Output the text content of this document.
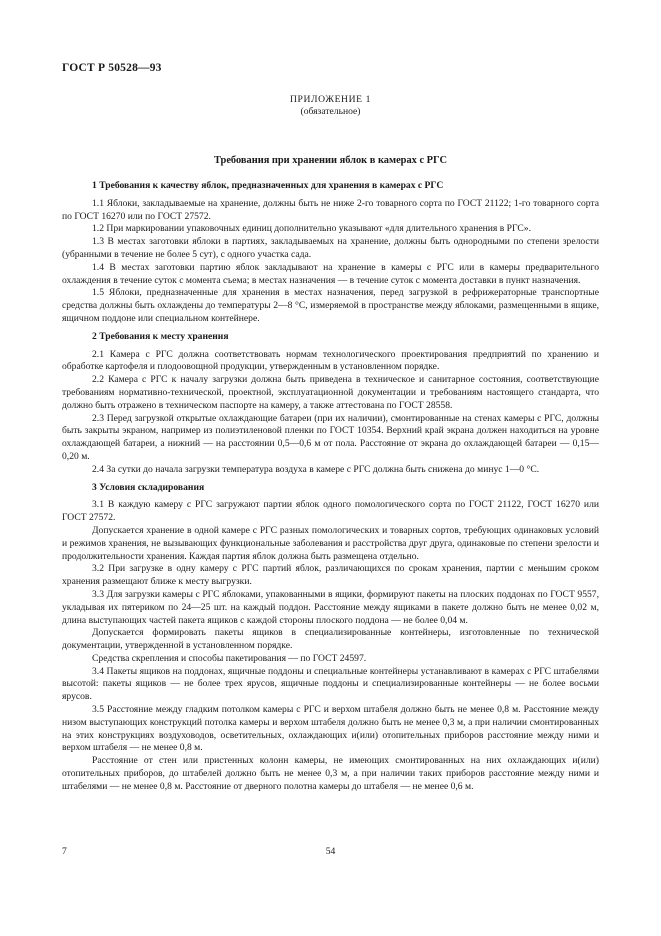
ГОСТ Р 50528—93
ПРИЛОЖЕНИЕ 1
(обязательное)
Требования при хранении яблок в камерах с РГС
1 Требования к качеству яблок, предназначенных для хранения в камерах с РГС

1.1 Яблоки, закладываемые на хранение, должны быть не ниже 2-го товарного сорта по ГОСТ 21122; 1-го товарного сорта по ГОСТ 16270 или по ГОСТ 27572.

1.2 При маркировании упаковочных единиц дополнительно указывают «для длительного хранения в РГС».

1.3 В местах заготовки яблоки в партиях, закладываемых на хранение, должны быть однородными по степени зрелости (убранными в течение не более 5 сут), с одного участка сада.

1.4 В местах заготовки партию яблок закладывают на хранение в камеры с РГС или в камеры предварительного охлаждения в течение суток с момента съема; в местах назначения — в течение суток с момента доставки в пункт назначения.

1.5 Яблоки, предназначенные для хранения в местах назначения, перед загрузкой в рефрижераторные транспортные средства должны быть охлаждены до температуры 2—8 °С, измеряемой в пространстве между яблоками, размещенными в ящике, ящичном поддоне или специальном контейнере.

2 Требования к месту хранения

2.1 Камера с РГС должна соответствовать нормам технологического проектирования предприятий по хранению и обработке картофеля и плодоовощной продукции, утвержденным в установленном порядке.

2.2 Камера с РГС к началу загрузки должна быть приведена в техническое и санитарное состояния, соответствующие требованиям нормативно-технической, проектной, эксплуатационной документации и требованиям настоящего стандарта, что должно быть отражено в техническом паспорте на камеру, а также аттестована по ГОСТ 28558.

2.3 Перед загрузкой открытые охлаждающие батареи (при их наличии), смонтированные на стенах камеры с РГС, должны быть закрыты экраном, например из полиэтиленовой пленки по ГОСТ 10354. Верхний край экрана должен находиться на уровне охлаждающей батареи, а нижний — на расстоянии 0,5—0,6 м от пола. Расстояние от экрана до охлаждающей батареи — 0,15—0,20 м.

2.4 За сутки до начала загрузки температура воздуха в камере с РГС должна быть снижена до минус 1—0 °С.

3 Условия складирования

3.1 В каждую камеру с РГС загружают партии яблок одного помологического сорта по ГОСТ 21122, ГОСТ 16270 или ГОСТ 27572.

Допускается хранение в одной камере с РГС разных помологических и товарных сортов, требующих одинаковых условий и режимов хранения, не вызывающих функциональные заболевания и расстройства друг друга, одинаковые по степени зрелости и продолжительности хранения. Каждая партия яблок должна быть размещена отдельно.

3.2 При загрузке в одну камеру с РГС партий яблок, различающихся по срокам хранения, партии с меньшим сроком хранения размещают ближе к месту выгрузки.

3.3 Для загрузки камеры с РГС яблоками, упакованными в ящики, формируют пакеты на плоских поддонах по ГОСТ 9557, укладывая их пятериком по 24—25 шт. на каждый поддон. Расстояние между ящиками в пакете должно быть не менее 0,02 м, длина выступающих частей пакета ящиков с каждой стороны плоского поддона — не более 0,04 м.

Допускается формировать пакеты ящиков в специализированные контейнеры, изготовленные по технической документации, утвержденной в установленном порядке.

Средства скрепления и способы пакетирования — по ГОСТ 24597.

3.4 Пакеты ящиков на поддонах, ящичные поддоны и специальные контейнеры устанавливают в камерах с РГС штабелями высотой: пакеты ящиков — не более трех ярусов, ящичные поддоны и специализированные контейнеры — не более восьми ярусов.

3.5 Расстояние между гладким потолком камеры с РГС и верхом штабеля должно быть не менее 0,8 м. Расстояние между низом выступающих конструкций потолка камеры и верхом штабеля должно быть не менее 0,3 м, а при наличии смонтированных на этих конструкциях воздуховодов, осветительных, охлаждающих и(или) отопительных приборов расстояние между ними и верхом штабеля — не менее 0,8 м.

Расстояние от стен или пристенных колонн камеры, не имеющих смонтированных на них охлаждающих и(или) отопительных приборов, до штабелей должно быть не менее 0,3 м, а при наличии таких приборов расстояние между ними и штабелями — не менее 0,8 м. Расстояние от дверного полотна камеры до штабеля — не менее 0,6 м.

7	54
